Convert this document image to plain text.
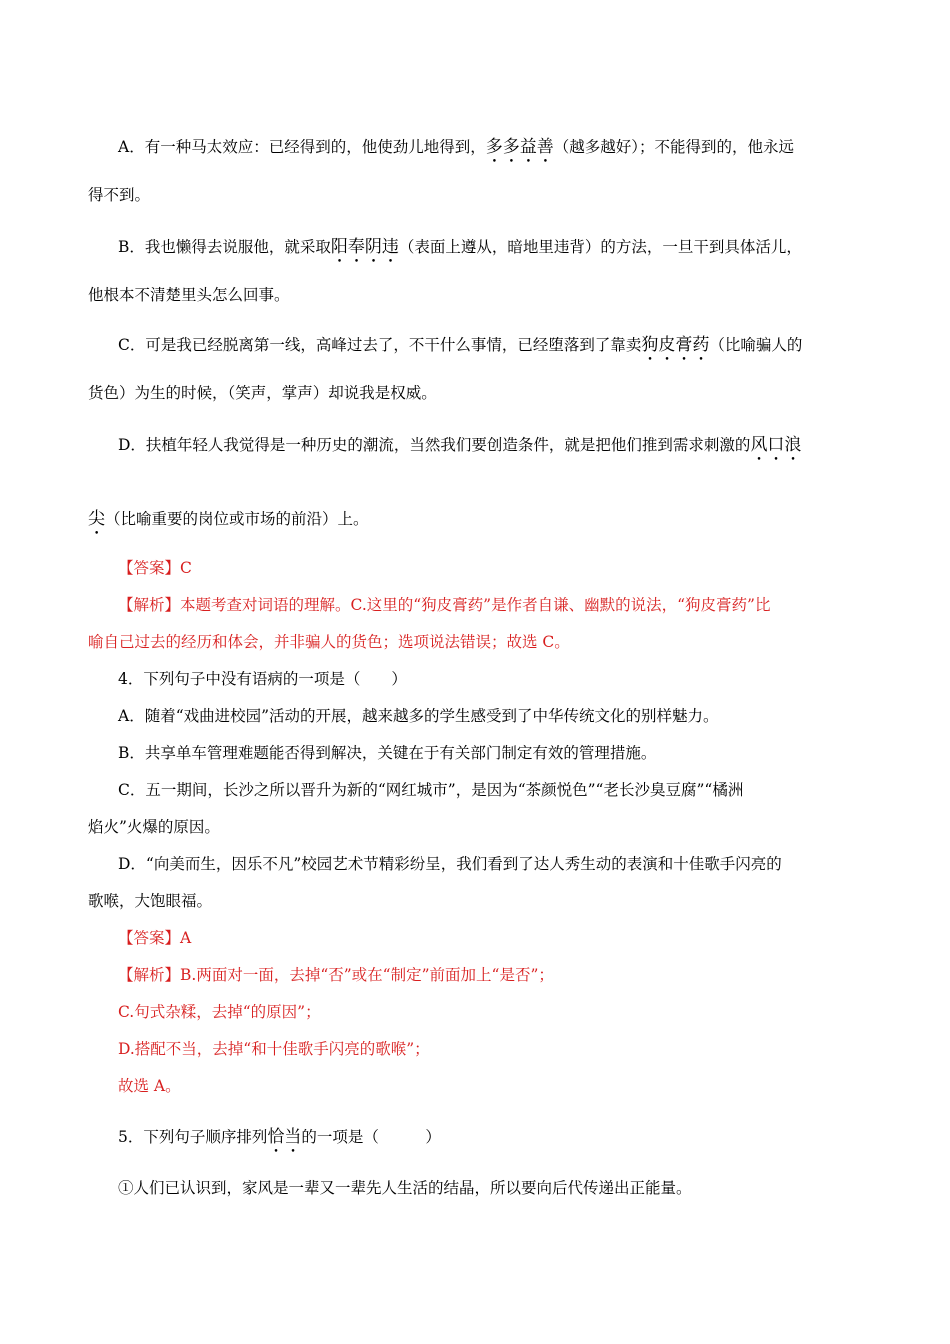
A．有一种马太效应：已经得到的，他使劲儿地得到，多多益善（越多越好）；不能得到的，他永远
得不到。
B．我也懒得去说服他，就采取阳奉阴违（表面上遵从，暗地里违背）的方法，一旦干到具体活儿，
他根本不清楚里头怎么回事。
C．可是我已经脱离第一线，高峰过去了，不干什么事情，已经堕落到了靠卖狗皮膏药（比喻骗人的
货色）为生的时候，（笑声，掌声）却说我是权威。
D．扶植年轻人我觉得是一种历史的潮流，当然我们要创造条件，就是把他们推到需求刺激的风口浪
尖（比喻重要的岗位或市场的前沿）上。
【答案】C
【解析】本题考查对词语的理解。C.这里的“狗皮膏药”是作者自谦、幽默的说法，“狗皮膏药”比
喻自己过去的经历和体会，并非骗人的货色；选项说法错误；故选 C。
4．下列句子中没有语病的一项是（　　）
A．随着“戏曲进校园”活动的开展，越来越多的学生感受到了中华传统文化的别样魅力。
B．共享单车管理难题能否得到解决，关键在于有关部门制定有效的管理措施。
C．五一期间，长沙之所以晋升为新的“网红城市”，是因为“茶颜悦色”“老长沙臭豆腐”“橘洲
焰火”火爆的原因。
D．“向美而生，因乐不凡”校园艺术节精彩纷呈，我们看到了达人秀生动的表演和十佳歌手闪亮的
歌喉，大饱眼福。
【答案】A
【解析】B.两面对一面，去掉“否”或在“制定”前面加上“是否”；
C.句式杂糅，去掉“的原因”；
D.搭配不当，去掉“和十佳歌手闪亮的歌喉”；
故选 A。
5．下列句子顺序排列恰当的一项是（　　　）
①人们已认识到，家风是一辈又一辈先人生活的结晶，所以要向后代传递出正能量。
